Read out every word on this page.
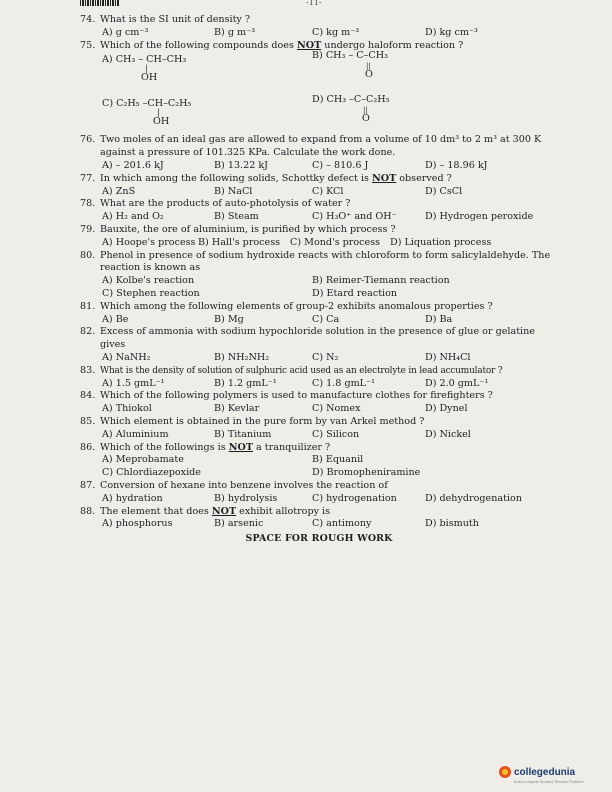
-11-
74. What is the SI unit of density ?
A) g cm⁻³	B) g m⁻³	C) kg m⁻³	D) kg cm⁻³
75. Which of the following compounds does NOT undergo haloform reaction ?
A) CH₃ – CH–CH₃
|
OH
B) CH₃ – C–CH₃
||
O
C) C₂H₅ –CH–C₂H₅
|
OH
D) CH₃ –C–C₂H₅
||
O
76. Two moles of an ideal gas are allowed to expand from a volume of 10 dm³ to 2 m³ at 300 K against a pressure of 101.325 KPa. Calculate the work done.
A) – 201.6 kJ	B) 13.22 kJ	C) – 810.6 J	D) – 18.96 kJ
77. In which among the following solids, Schottky defect is NOT observed ?
A) ZnS	B) NaCl	C) KCl	D) CsCl
78. What are the products of auto-photolysis of water ?
A) H₂ and O₂	B) Steam	C) H₃O⁺ and OH⁻	D) Hydrogen peroxide
79. Bauxite, the ore of aluminium, is purified by which process ?
A) Hoope's process B) Hall's process C) Mond's process D) Liquation process
80. Phenol in presence of sodium hydroxide reacts with chloroform to form salicylaldehyde. The reaction is known as
A) Kolbe's reaction	B) Reimer-Tiemann reaction
C) Stephen reaction	D) Etard reaction
81. Which among the following elements of group-2 exhibits anomalous properties ?
A) Be	B) Mg	C) Ca	D) Ba
82. Excess of ammonia with sodium hypochloride solution in the presence of glue or gelatine gives
A) NaNH₂	B) NH₂NH₂	C) N₂	D) NH₄Cl
83. What is the density of solution of sulphuric acid used as an electrolyte in lead accumulator ?
A) 1.5 gmL⁻¹	B) 1.2 gmL⁻¹	C) 1.8 gmL⁻¹	D) 2.0 gmL⁻¹
84. Which of the following polymers is used to manufacture clothes for firefighters ?
A) Thiokol	B) Kevlar	C) Nomex	D) Dynel
85. Which element is obtained in the pure form by van Arkel method ?
A) Aluminium	B) Titanium	C) Silicon	D) Nickel
86. Which of the followings is NOT a tranquilizer ?
A) Meprobamate	B) Equanil
C) Chlordiazepoxide	D) Bromopheniramine
87. Conversion of hexane into benzene involves the reaction of
A) hydration	B) hydrolysis	C) hydrogenation	D) dehydrogenation
88. The element that does NOT exhibit allotropy is
A) phosphorus	B) arsenic	C) antimony	D) bismuth
SPACE FOR ROUGH WORK
collegedunia
India's largest Student Review Platform
